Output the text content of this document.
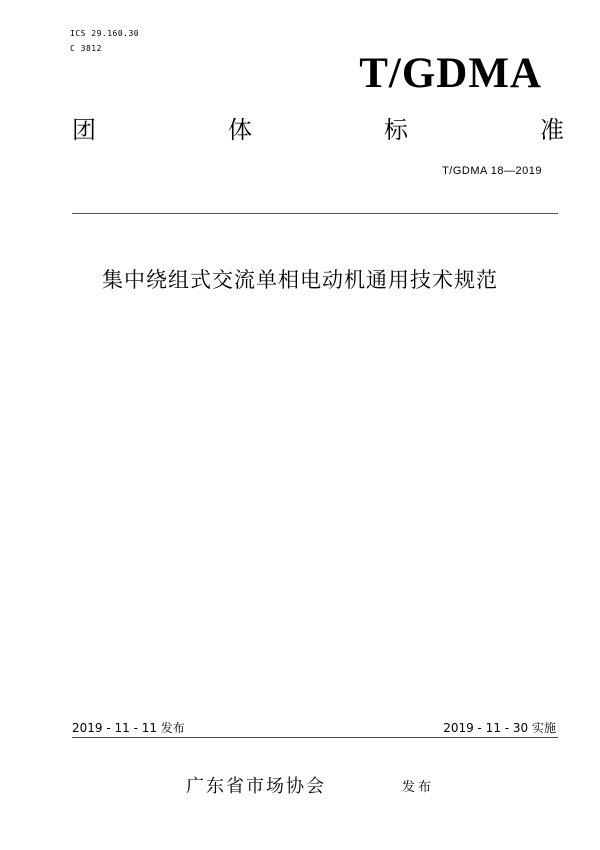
ICS 29.160.30
C 3812
T/GDMA
团	体	标	准
T/GDMA 18—2019
集中绕组式交流单相电动机通用技术规范
2019 - 11 - 11 发布	2019 - 11 - 30 实施
广东省市场协会	发布
